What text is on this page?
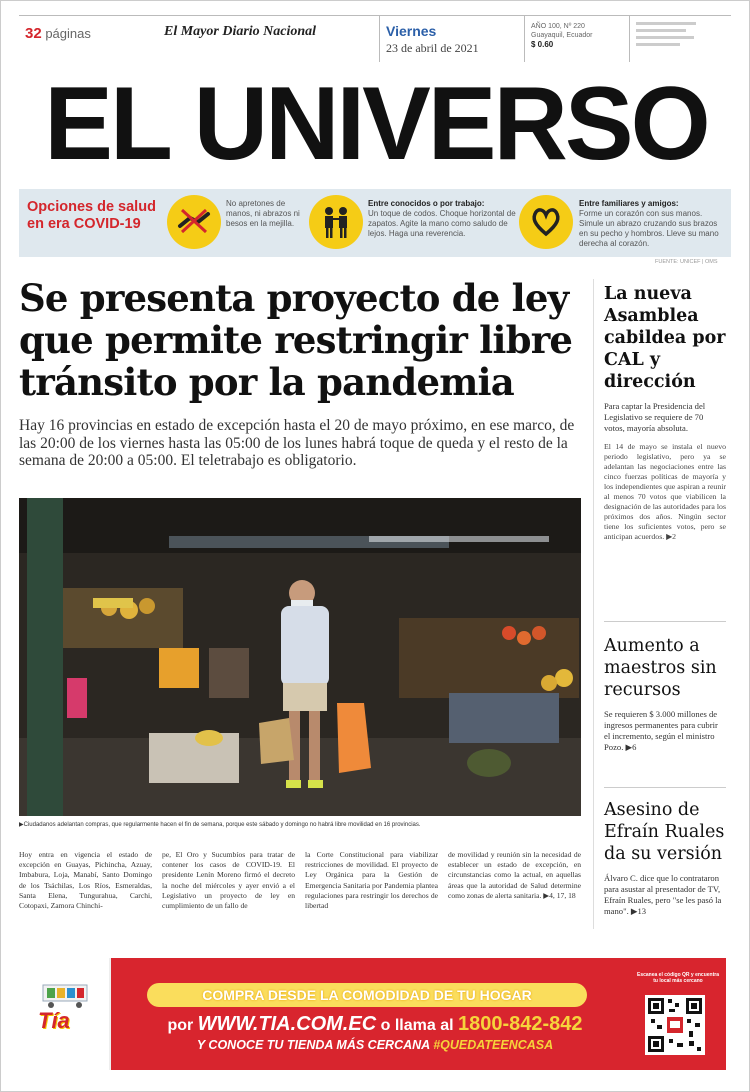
32 páginas	El Mayor Diario Nacional	Viernes
23 de abril de 2021
AÑO 100, Nº 220
Guayaquil, Ecuador
$ 0.60
EL UNIVERSO
Opciones de salud en era COVID-19
No apretones de manos, ni abrazos ni besos en la mejilla.
Entre conocidos o por trabajo:
Un toque de codos. Choque horizontal de zapatos. Agite la mano como saludo de lejos. Haga una reverencia.
Entre familiares y amigos:
Forme un corazón con sus manos. Simule un abrazo cruzando sus brazos en su pecho y hombros. Lleve su mano derecha al corazón.
FUENTE: UNICEF | OMS
Se presenta proyecto de ley que permite restringir libre tránsito por la pandemia

Hay 16 provincias en estado de excepción hasta el 20 de mayo próximo, en ese marco, de las 20:00 de los viernes hasta las 05:00 de los lunes habrá toque de queda y el resto de la semana de 20:00 a 05:00. El teletrabajo es obligatorio.

▶Ciudadanos adelantan compras, que regularmente hacen el fin de semana, porque este sábado y domingo no habrá libre movilidad en 16 provincias.
Hoy entra en vigencia el estado de excepción en Guayas, Pichincha, Azuay, Imbabura, Loja, Manabí, Santo Domingo de los Tsáchilas, Los Ríos, Esmeraldas, Santa Elena, Tungurahua, Carchi, Cotopaxi, Zamora Chinchi-
pe, El Oro y Sucumbíos para tratar de contener los casos de COVID-19. El presidente Lenín Moreno firmó el decreto la noche del miércoles y ayer envió a el Legislativo un proyecto de ley en cumplimiento de un fallo de
la Corte Constitucional para viabilizar restricciones de movilidad. El proyecto de Ley Orgánica para la Gestión de Emergencia Sanitaria por Pandemia plantea regulaciones para restringir los derechos de libertad
de movilidad y reunión sin la necesidad de establecer un estado de excepción, en circunstancias como la actual, en aquellas áreas que la autoridad de Salud determine como zonas de alerta sanitaria. ▶4, 17, 18
La nueva Asamblea cabildea por CAL y dirección
Para captar la Presidencia del Legislativo se requiere de 70 votos, mayoría absoluta.
El 14 de mayo se instala el nuevo periodo legislativo, pero ya se adelantan las negociaciones entre las cinco fuerzas políticas de mayoría y los independientes que aspiran a reunir al menos 70 votos que viabilicen la designación de las autoridades para los próximos dos años. Ningún sector tiene los suficientes votos, pero se anticipan acuerdos. ▶2
Aumento a maestros sin recursos
Se requieren $ 3.000 millones de ingresos permanentes para cubrir el incremento, según el ministro Pozo. ▶6
Asesino de Efraín Ruales da su versión
Álvaro C. dice que lo contrataron para asustar al presentador de TV, Efraín Ruales, pero "se les pasó la mano". ▶13
Tía
COMPRA DESDE LA COMODIDAD DE TU HOGAR
por WWW.TIA.COM.EC o llama al 1800-842-842
Y CONOCE TU TIENDA MÁS CERCANA #QUEDATEENCASA
Escanea el código QR y encuentra tu local más cercano
